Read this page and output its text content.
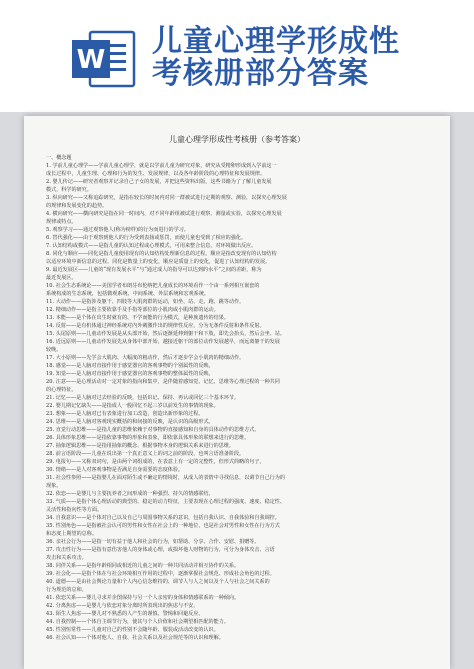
W
儿童心理学形成性
考核册部分答案
儿童心理学形成性考核册（参考答案）

一、概念题

1. 学前儿童心理学——学前儿童心理学，就是以学前儿童为研究对象，研究从受精卵形成到入学前这一

成长过程中，儿童生理、心理和行为的发生、发展规律，以及各年龄阶段的心理特征和发展规律。

2. 婴儿传记——研究者观察并记录自己子女的发展，并把这些资料出版，这些书籍为了了解儿童发展

模式，科学的研究。

3. 纵向研究——又称追踪研究，是指在较长的时间内对同一群被试进行定期的观察、测验，以探究心理发展

的规律和发展变化的趋势。

4. 横向研究——横向研究是指在同一时间内，对不同年龄组被试进行观察、测量或实验，以探究心理发展

规律或特点。

5. 观察学习——通过观察他人(称为榜样)的行为而进行的学习。

6. 替代强化——由于观察到他人的行为受到表扬或惩罚，而使儿童也受到了相应的强化。

7. 认知结构或模式——是指儿童的认知过程或心理模式，可用来整合信息，对环境做出反应。

8. 同化与顺应——同化是指儿童使用现有的认知结构处理新信息的过程。顺应是指改变现有的认知结构

以适应环境中新信息的过程。同化是数量上的变化，顺应是质量上的变化，促进了认知结构的发展。

9. 最近发展区——儿童的“现有发展水平”与“通过成人的指导可以达到的水平”之间的差距，称为

最近发展区。

10. 社会生态系统论——美国学者布朗芬布伦纳把儿童成长的环境看作一个由一系列相互嵌套的

系统构成的生态系统，包括微观系统、中间系统、外层系统和宏观系统。

11. 大动作——是指涉及躯干、四肢等大肌肉群的运动，如坐、站、走、跑、跳等动作。

12. 精细动作——是指主要依靠手及手指等部位的小肌肉或小肌肉群的运动。

13. 本能——是个体在出生时就有的、不学而能的行为模式，是种族遗传的结果。

14. 反射——是有机体通过神经系统对内外刺激作出的规律性反应，分为无条件反射和条件反射。

15. 头尾原则——儿童动作发展是从头部开始，然后逐渐延伸到躯干和下肢，即先会抬头，然后会坐、站。

16. 近远原则——儿童动作发展先从身体中部开始，越接近躯干的部位动作发展越早，而远离躯干的发展

较晚。

17. 大小原则——先学会大肌肉、大幅度的粗动作，然后才逐步学会小肌肉的精细动作。

18. 感觉——是人脑对直接作用于感觉器官的客观事物的个别属性的反映。

19. 知觉——是人脑对直接作用于感觉器官的客观事物的整体属性的反映。

20. 注意——是心理活动对一定对象的指向和集中，是伴随着感知觉、记忆、思维等心理过程的一种共同

的心理特征。

21. 记忆——是人脑对过去经验的反映，包括识记、保持、再认或回忆三个基本环节。

22. 婴儿期记忆缺失——是指成人一般回忆不起三岁以前发生的事情的现象。

23. 想象——是人脑对已有表象进行加工改造，创造出新形象的过程。

24. 思维——是人脑对客观现实概括的和间接的反映，是认识的高级形式。

25. 直觉行动思维——是指儿童的思维依赖于对事物的直接感知和自身的具体动作的思维方式。

26. 具体形象思维——是指依靠事物的形象和表象，即依靠具体形象的联想来进行的思维。

27. 抽象逻辑思维——是指用抽象的概念、根据事物本身的逻辑关系来进行的思维。

28. 前言语阶段——儿童在说出第一个真正意义上的词之前的阶段，也叫言语准备阶段。

29. 电报句——又称双词句，是由两个词组成的，在表意上有一定的完整性，但形式简略的句子。

30. 情绪——是人对客观事物是否满足自身需要的态度体验。

31. 社会性参照——是指婴儿在面对陌生或不确定的情境时，从成人的表情中寻找信息，以调节自己行为的

现象。

32. 依恋——是婴儿与主要抚养者之间形成的一种强烈、持久的情感联结。

33. 气质——是指个体心理活动的典型的、稳定的动力特征，主要表现在心理过程的强度、速度、稳定性、

灵活性和指向性等方面。

34. 自我意识——是个体对自己以及自己与周围事物关系的意识，包括自我认识、自我体验和自我调控。

35. 性别角色——是指被社会认可的男性和女性在社会上的一种地位，也是社会对男性和女性在行为方式

和态度上期望的总称。

36. 亲社会行为——是指一切有益于他人和社会的行为，如帮助、分享、合作、安慰、捐赠等。

37. 攻击性行为——是指有意伤害他人的身体或心理，或损坏他人财物的行为，可分为身体攻击、言语

攻击和关系攻击。

38. 同伴关系——是指年龄相同或相近的儿童之间的一种共同活动并相互协作的关系。

39. 社会化——是指个体在与社会环境相互作用的过程中，逐渐掌握社会规范、形成社会角色的过程。

40. 道德——是由社会舆论力量和个人内心信念维持的、调节人与人之间以及个人与社会之间关系的

行为规范的总和。

41. 依恋关系——婴儿寻求并企图保持与另一个人亲密的身体和情感联系的一种倾向。

42. 分离焦虑——是婴儿与依恋对象分离时所表现出的焦虑与不安。

43. 陌生人焦虑——婴儿对不熟悉的人产生的谨慎、警惕和回避反应。

44. 自我控制——个体自主调节行为，使其与个人价值和社会期望相匹配的能力。

45. 性别恒常性——儿童对自己的性别不会随年龄、服装或活动改变的认识。

46. 社会认知——个体对他人、自我、社会关系以及社会规范等的认识和理解。
